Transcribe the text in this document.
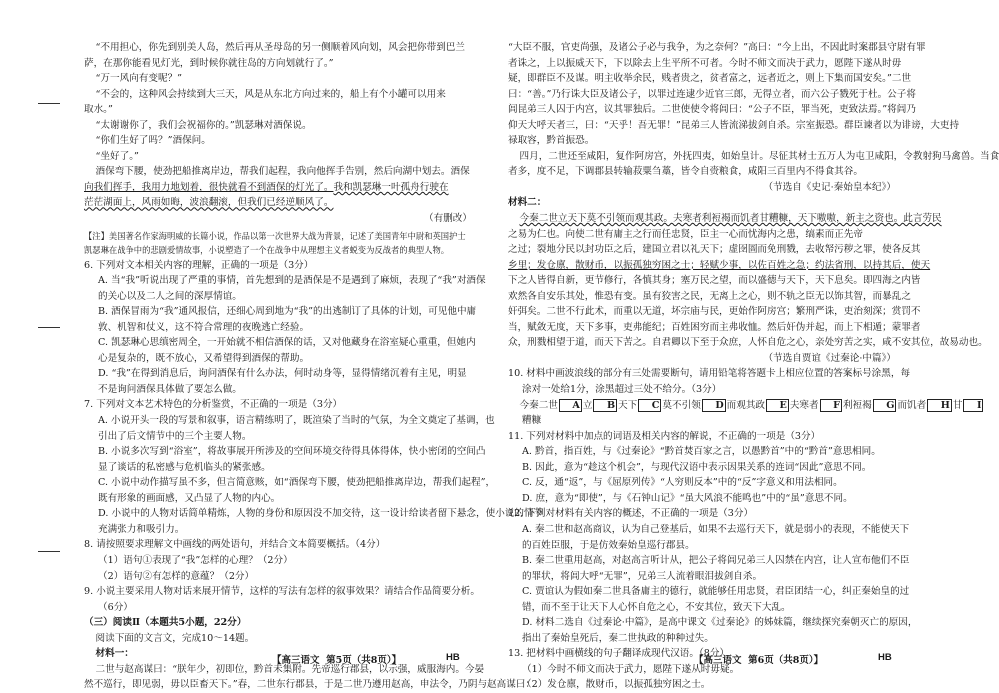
“不用担心，你先到别美人岛，然后再从圣母岛的另一侧顺着风向划，风会把你带到巴兰
萨，在那你能看见灯光，到时候你就往岛的方向划就行了。”
“万一风向有变呢？”
“不会的，这种风会持续到大三天，风是从东北方向过来的，船上有个小罐可以用来
取水。”
“太谢谢你了，我们会祝福你的。”凯瑟琳对酒保说。
“你们生好了吗？”酒保问。
“坐好了。”
酒保弯下腰，使劲把船推离岸边，帮我们起程，我向他挥手告别，然后向湖中划去。酒保
向我们挥手，我用力地划着，很快就看不到酒保的灯光了。我和凯瑟琳一叶孤舟行驶在
茫茫湖面上，风雨如晦，波浪翻滚，但我们已经逆顺风了。
（有删改）
【注】美国著名作家海明威的长篇小说，作品以第一次世界大战为背景，记述了美国青年中尉和英国护士凯瑟琳在战争中的悲剧爱情故事，小说塑造了一个在战争中从理想主义者蜕变为反战者的典型人物。
6. 下列对文本相关内容的理解，正确的一项是（3分）
A. 当“我”听说出现了严重的事情，首先想到的是酒保是不是遇到了麻烦，表现了“我”对酒保
的关心以及二人之间的深厚情谊。
B. 酒保冒雨为“我”通风报信，还细心周到地为“我”的出逃制订了具体的计划，可见他中庸
敦、机智和仗义，这不符合常理的夜晚逃亡经验。
C. 凯瑟琳心思缜密周全，一开始就不相信酒保的话，又对他藏身在浴室疑心重重，但她内
心是复杂的，既不放心，又希望得到酒保的帮助。
D. “我”在得到消息后，询问酒保有什么办法，何时动身等，显得情绪沉着有主见，明显
不是询问酒保具体做了要怎么做。
7. 下列对文本艺术特色的分析鉴赏，不正确的一项是（3分）
A. 小说开头一段的写景和叙事，语言精练明了，既渲染了当时的气氛，为全文奠定了基调，也
引出了后文情节中的三个主要人物。
B. 小说多次写到“浴室”，将故事展开所涉及的空间环境交待得具体得体，快小密闭的空间凸
显了谈话的私密感与危机临头的紧张感。
C. 小说中动作描写虽不多，但言简意赅，如“酒保弯下腰，使劲把船推离岸边，帮我们起程”，
既有形象的画面感，又凸显了人物的内心。
D. 小说中的人物对话简单精炼，人物的身份和原因没不加交待，这一设计给读者留下悬念，使小说的情节
充满张力和吸引力。
8. 请按照要求理解文中画线的两处语句，并结合文本简要概括。（4分）
（1）语句①表现了“我”怎样的心理？（2分）
（2）语句②有怎样的意蕴？（2分）
9. 小说主要采用人物对话来展开情节，这样的写法有怎样的叙事效果？请结合作品简要分析。
（6分）
（三）阅读Ⅱ（本题共5小题，22分）
阅读下面的文言文，完成10～14题。
材料一：
二世与赵高谋曰：“朕年少，初即位，黔首未集附。先帝巡行郡县，以示强，威服海内。今晏
然不巡行，即见弱，毋以臣畜天下。”春，二世东行郡县，于是二世乃遵用赵高，申法令，乃阴与赵高谋曰：
【高三语文 第5页（共8页）】	HB
“大臣不服，官吏尚强，及诸公子必与我争，为之奈何？”高曰：“今上出，不因此时案郡县守尉有罪
者诛之，上以振威天下，下以除去上生平所不可者。今时不师文而决于武力，愿陛下遂从时毋
疑，即群臣不及谋。明主收举余民，贱者贵之，贫者富之，远者近之，则上下集而国安矣。”二世
曰：“善。”乃行诛大臣及诸公子，以罪过连逮少近官三郎，无得立者，而六公子戮死于杜。公子将
闾昆弟三人囚于内宫，议其罪独后。二世使使令将闾曰：“公子不臣，罪当死，吏致法焉。”将闾乃
仰天大呼天者三，曰：“天乎！吾无罪！”昆弟三人皆流涕拔剑自杀。宗室振恐。群臣谏者以为诽谤，大吏持
禄取容，黔首振恐。
四月，二世还至咸阳，复作阿房宫，外抚四夷，如始皇计。尽征其材士五万人为屯卫咸阳，令教射狗马禽兽。当食
者多，度不足，下调郡县转输菽粟刍藁，皆令自赍粮食，咸阳三百里内不得食其谷。
（节选自《史记·秦始皇本纪》）
材料二：
今秦二世立天下莫不引领而观其政。夫寒者利裋褐而饥者甘糟糠，天下嗷嗷，新主之资也。此言劳民
之易为仁也。向使二世有庸主之行而任忠贤，臣主一心而忧海内之患，缟素而正先帝
之过；裂地分民以封功臣之后，建国立君以礼天下；虚囹圄而免刑戮，去收帑污秽之罪，使各反其
乡里；发仓廪，散财币，以振孤独穷困之士；轻赋少事，以佐百姓之急；约法省刑，以持其后，使天
下之人皆得自新，更节修行，各慎其身；塞万民之望，而以盛德与天下，天下息矣。即四海之内皆
欢然各自安乐其处，惟恐有变。虽有狡害之民，无离上之心，则不轨之臣无以饰其智，而暴乱之
奸弭矣。二世不行此术，而重以无道，坏宗庙与民，更始作阿房宫；繁刑严诛，吏治刻深；赏罚不
当，赋敛无度，天下多事，吏弗能纪；百姓困穷而主弗收恤。然后奸伪并起，而上下相遁；蒙罪者
众，刑戮相望于道，而天下苦之。自君卿以下至于众庶，人怀自危之心，亲处穷苦之实，咸不安其位，故易动也。
（节选自贾谊《过秦论·中篇》）
10. 材料中画波浪线的部分有三处需要断句，请用铅笔将答题卡上相应位置的答案标号涂黑，每
涂对一处给1分，涂黑超过三处不给分。（3分）
今秦二世 A 立 B 天下 C 莫不引领 D 而观其政 E 夫寒者 F 利裋褐 G 而饥者 H 甘 I
糟糠
11. 下列对材料中加点的词语及相关内容的解说，不正确的一项是（3分）
A. 黔首，指百姓，与《过秦论》“黔首焚百家之言，以愚黔首”中的“黔首”意思相同。
B. 因此，意为“趁这个机会”，与现代汉语中表示因果关系的连词“因此”意思不同。
C. 反，通“返”，与《屈原列传》“人穷则反本”中的“反”字意义和用法相同。
D. 庶，意为“即使”，与《石钟山记》“虽大风浪不能鸣也”中的“虽”意思不同。
12. 下列对材料有关内容的概述，不正确的一项是（3分）
A. 秦二世和赵高商议，认为自己登基后，如果不去巡行天下，就是弱小的表现，不能使天下
的百姓臣服，于是仿效秦始皇巡行郡县。
B. 秦二世重用赵高，对赵高言听计从，把公子将闾兄弟三人囚禁在内宫，让人宣布他们不臣
的罪状，将闾大呼“无罪”，兄弟三人流着眼泪拔剑自杀。
C. 贾谊认为假如秦二世具备庸主的德行，就能够任用忠贤，君臣团结一心，纠正秦始皇的过
错，而不至于让天下人心怀自危之心，不安其位，致天下大乱。
D. 材料二选自《过秦论·中篇》，是高中课文《过秦论》的姊妹篇，继续探究秦朝灭亡的原因，
指出了秦始皇死后，秦二世执政的种种过失。
13. 把材料中画横线的句子翻译成现代汉语。（8分）
（1）今时不师文而决于武力，愿陛下遂从时毋疑。
（2）发仓廪，散财币，以振孤独穷困之士。
【高三语文 第6页（共8页）】	HB
